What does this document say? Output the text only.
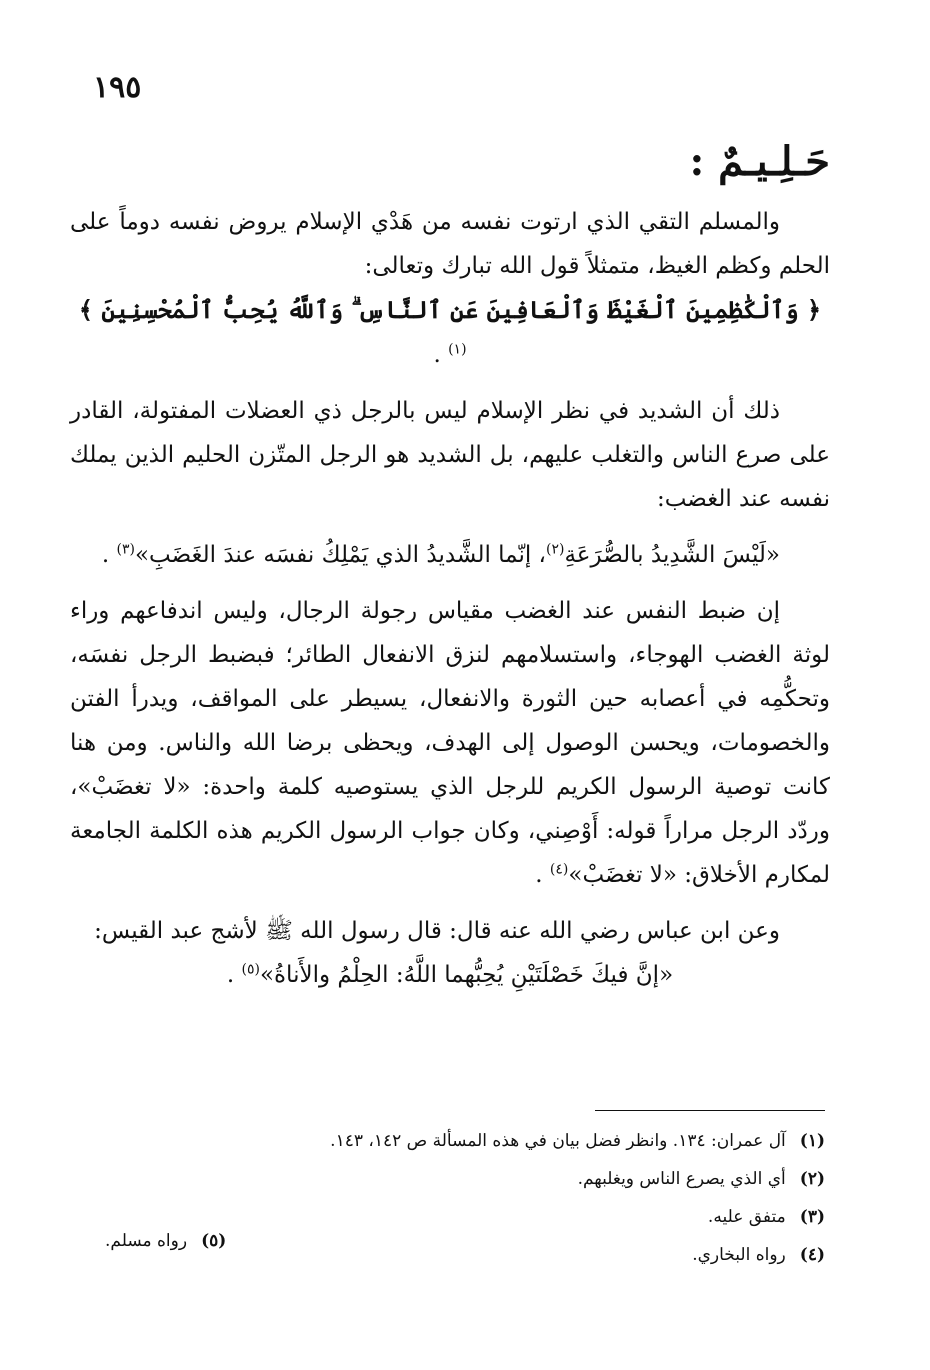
١٩٥
حَـلِـيـمٌ :

والمسلم التقي الذي ارتوت نفسه من هَدْي الإسلام يروض نفسه دوماً على الحلم وكظم الغيظ، متمثلاً قول الله تبارك وتعالى:

﴿ وَٱلْكَٰظِمِينَ ٱلْغَيْظَ وَٱلْعَافِينَ عَنِ ٱلنَّاسِ ۗ وَٱللَّهُ يُحِبُّ ٱلْمُحْسِنِينَ ﴾$^{(١)}$ .

ذلك أن الشديد في نظر الإسلام ليس بالرجل ذي العضلات المفتولة، القادر على صرع الناس والتغلب عليهم، بل الشديد هو الرجل المتّزن الحليم الذين يملك نفسه عند الغضب:

«لَيْسَ الشَّدِيدُ بالصُّرَعَةِ$^{(٢)}$، إنّما الشَّديدُ الذي يَمْلِكُ نفسَه عندَ الغَضَبِ»$^{(٣)}$ .

إن ضبط النفس عند الغضب مقياس رجولة الرجال، وليس اندفاعهم وراء لوثة الغضب الهوجاء، واستسلامهم لنزق الانفعال الطائر؛ فبضبط الرجل نفسَه، وتحكُّمِه في أعصابه حين الثورة والانفعال، يسيطر على المواقف، ويدرأ الفتن والخصومات، ويحسن الوصول إلى الهدف، ويحظى برضا الله والناس. ومن هنا كانت توصية الرسول الكريم للرجل الذي يستوصيه كلمة واحدة: «لا تغضَبْ»، وردّد الرجل مراراً قوله: أَوْصِني، وكان جواب الرسول الكريم هذه الكلمة الجامعة لمكارم الأخلاق: «لا تغضَبْ»$^{(٤)}$ .

وعن ابن عباس رضي الله عنه قال: قال رسول الله ﷺ لأشج عبد القيس:

«إنَّ فيكَ خَصْلَتَيْنِ يُحِبُّهما اللَّهُ: الحِلْمُ والأَناةُ»$^{(٥)}$ .

(١)آل عمران: ١٣٤. وانظر فضل بيان في هذه المسألة ص ١٤٢، ١٤٣.
(٢)أي الذي يصرع الناس ويغلبهم.
(٣)متفق عليه.
(٤)رواه البخاري.
(٥)رواه مسلم.
